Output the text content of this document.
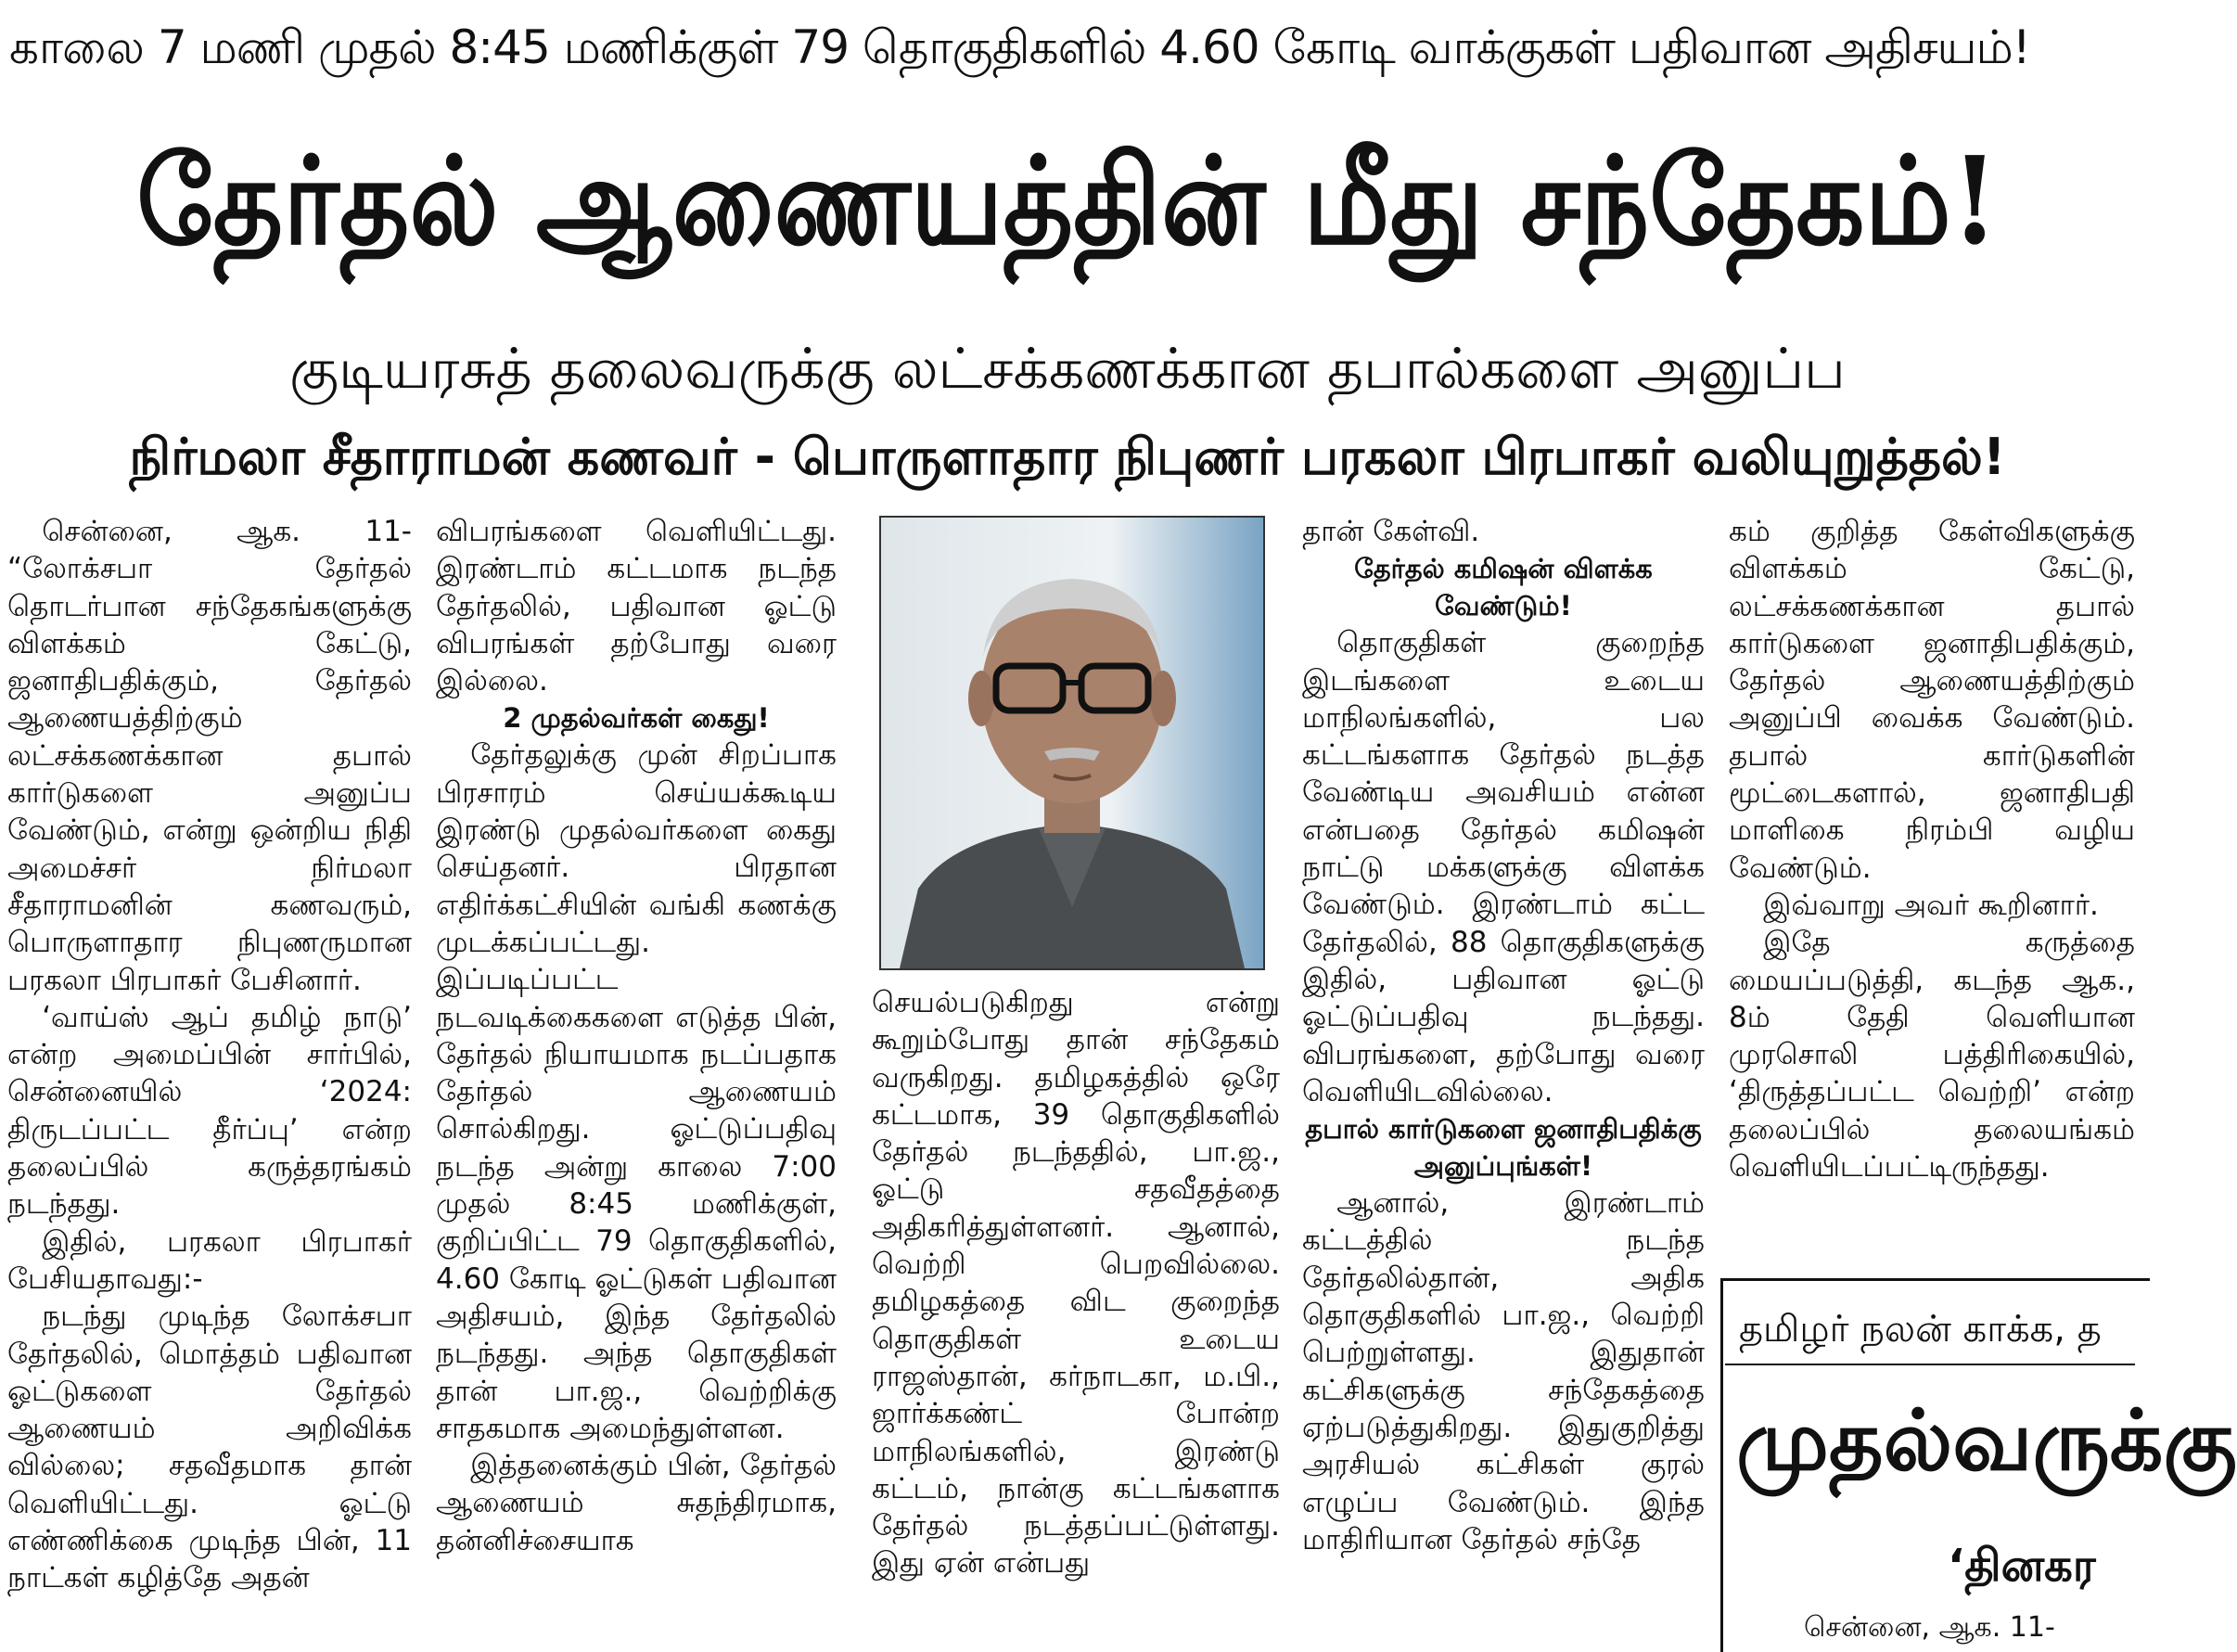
காலை 7 மணி முதல் 8:45 மணிக்குள் 79 தொகுதிகளில் 4.60 கோடி வாக்குகள் பதிவான அதிசயம்!
தேர்தல் ஆணையத்தின் மீது சந்தேகம்!
குடியரசுத் தலைவருக்கு லட்சக்கணக்கான தபால்களை அனுப்ப
நிர்மலா சீதாராமன் கணவர் - பொருளாதார நிபுணர் பரகலா பிரபாகர் வலியுறுத்தல்!

சென்னை, ஆக. 11- “லோக்சபா தேர்தல் தொடர்பான சந்தேகங்களுக்கு விளக்கம் கேட்டு, ஜனாதிபதிக்கும், தேர்தல் ஆணையத்திற்கும் லட்சக்கணக்கான தபால் கார்டுகளை அனுப்ப வேண்டும், என்று ஒன்றிய நிதி அமைச்சர் நிர்மலா சீதாராமனின் கணவரும், பொருளாதார நிபுணருமான பரகலா பிரபாகர் பேசினார்.

‘வாய்ஸ் ஆப் தமிழ் நாடு’ என்ற அமைப்பின் சார்பில், சென்னையில் ‘2024: திருடப்பட்ட தீர்ப்பு’ என்ற தலைப்பில் கருத்தரங்கம் நடந்தது.

இதில், பரகலா பிரபாகர் பேசியதாவது:-

நடந்து முடிந்த லோக்சபா தேர்தலில், மொத்தம் பதிவான ஓட்டுகளை தேர்தல் ஆணையம் அறிவிக்க வில்லை; சதவீதமாக தான் வெளியிட்டது. ஓட்டு எண்ணிக்கை முடிந்த பின், 11 நாட்கள் கழித்தே அதன்

விபரங்களை வெளியிட்டது. இரண்டாம் கட்டமாக நடந்த தேர்தலில், பதிவான ஓட்டு விபரங்கள் தற்போது வரை இல்லை.

2 முதல்வர்கள் கைது!

தேர்தலுக்கு முன் சிறப்பாக பிரசாரம் செய்யக்கூடிய இரண்டு முதல்வர்களை கைது செய்தனர். பிரதான எதிர்க்கட்சியின் வங்கி கணக்கு முடக்கப்பட்டது. இப்படிப்பட்ட நடவடிக்கைகளை எடுத்த பின், தேர்தல் நியாயமாக நடப்பதாக தேர்தல் ஆணையம் சொல்கிறது. ஓட்டுப்பதிவு நடந்த அன்று காலை 7:00 முதல் 8:45 மணிக்குள், குறிப்பிட்ட 79 தொகுதிகளில், 4.60 கோடி ஓட்டுகள் பதிவான அதிசயம், இந்த தேர்தலில் நடந்தது. அந்த தொகுதிகள் தான் பா.ஜ., வெற்றிக்கு சாதகமாக அமைந்துள்ளன.

இத்தனைக்கும் பின், தேர்தல் ஆணையம் சுதந்திரமாக, தன்னிச்சையாக

செயல்படுகிறது என்று கூறும்போது தான் சந்தேகம் வருகிறது. தமிழகத்தில் ஒரே கட்டமாக, 39 தொகுதிகளில் தேர்தல் நடந்ததில், பா.ஜ., ஓட்டு சதவீதத்தை அதிகரித்துள்ளனர். ஆனால், வெற்றி பெறவில்லை. தமிழகத்தை விட குறைந்த தொகுதிகள் உடைய ராஜஸ்தான், கர்நாடகா, ம.பி., ஜார்க்கண்ட் போன்ற மாநிலங்களில், இரண்டு கட்டம், நான்கு கட்டங்களாக தேர்தல் நடத்தப்பட்டுள்ளது. இது ஏன் என்பது

தான் கேள்வி.

தேர்தல் கமிஷன் விளக்க வேண்டும்!

தொகுதிகள் குறைந்த இடங்களை உடைய மாநிலங்களில், பல கட்டங்களாக தேர்தல் நடத்த வேண்டிய அவசியம் என்ன என்பதை தேர்தல் கமிஷன் நாட்டு மக்களுக்கு விளக்க வேண்டும். இரண்டாம் கட்ட தேர்தலில், 88 தொகுதிகளுக்கு இதில், பதிவான ஓட்டு ஓட்டுப்பதிவு நடந்தது. விபரங்களை, தற்போது வரை வெளியிடவில்லை.

தபால் கார்டுகளை ஜனாதிபதிக்கு அனுப்புங்கள்!

ஆனால், இரண்டாம் கட்டத்தில் நடந்த தேர்தலில்தான், அதிக தொகுதிகளில் பா.ஜ., வெற்றி பெற்றுள்ளது. இதுதான் கட்சிகளுக்கு சந்தேகத்தை ஏற்படுத்துகிறது. இதுகுறித்து அரசியல் கட்சிகள் குரல் எழுப்ப வேண்டும். இந்த மாதிரியான தேர்தல் சந்தே

கம் குறித்த கேள்விகளுக்கு விளக்கம் கேட்டு, லட்சக்கணக்கான தபால் கார்டுகளை ஜனாதிபதிக்கும், தேர்தல் ஆணையத்திற்கும் அனுப்பி வைக்க வேண்டும். தபால் கார்டுகளின் மூட்டைகளால், ஜனாதிபதி மாளிகை நிரம்பி வழிய வேண்டும்.

இவ்வாறு அவர் கூறினார்.

இதே கருத்தை மையப்படுத்தி, கடந்த ஆக., 8ம் தேதி வெளியான முரசொலி பத்திரிகையில், ‘திருத்தப்பட்ட வெற்றி’ என்ற தலைப்பில் தலையங்கம் வெளியிடப்பட்டிருந்தது.

தமிழர் நலன் காக்க, த
முதல்வருக்கு
‘தினகர
சென்னை, ஆக. 11-
